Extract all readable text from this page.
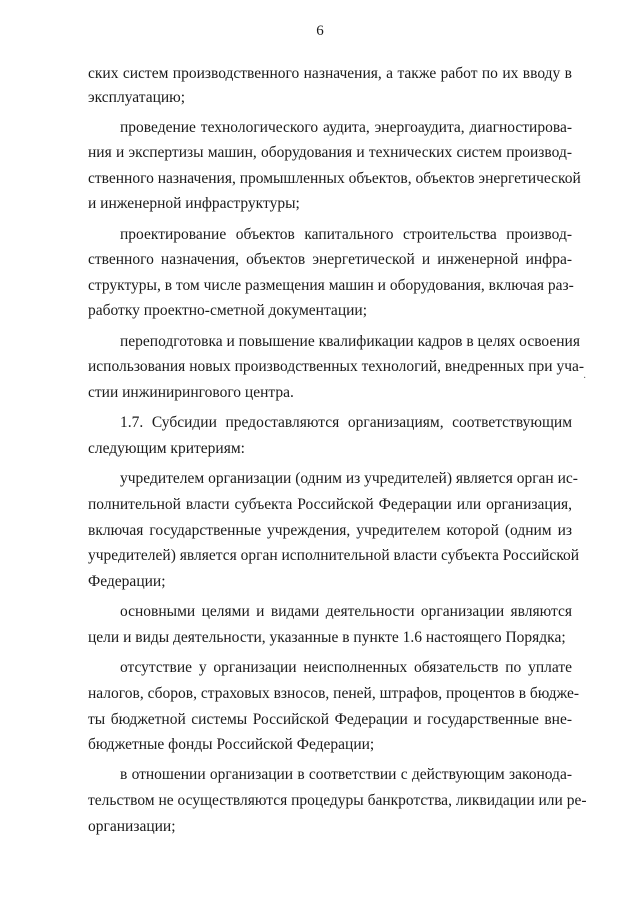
6
ских систем производственного назначения, а также работ по их вводу в
эксплуатацию;
проведение технологического аудита, энергоаудита, диагностирова-
ния и экспертизы машин, оборудования и технических систем производ-
ственного назначения, промышленных объектов, объектов энергетической
и инженерной инфраструктуры;
проектирование объектов капитального строительства производ-
ственного назначения, объектов энергетической и инженерной инфра-
структуры, в том числе размещения машин и оборудования, включая раз-
работку проектно-сметной документации;
переподготовка и повышение квалификации кадров в целях освоения
использования новых производственных технологий, внедренных при уча-
стии инжинирингового центра.
1.7. Субсидии предоставляются организациям, соответствующим
следующим критериям:
учредителем организации (одним из учредителей) является орган ис-
полнительной власти субъекта Российской Федерации или организация,
включая государственные учреждения, учредителем которой (одним из
учредителей) является орган исполнительной власти субъекта Российской
Федерации;
основными целями и видами деятельности организации являются
цели и виды деятельности, указанные в пункте 1.6 настоящего Порядка;
отсутствие у организации неисполненных обязательств по уплате
налогов, сборов, страховых взносов, пеней, штрафов, процентов в бюдже-
ты бюджетной системы Российской Федерации и государственные вне-
бюджетные фонды Российской Федерации;
в отношении организации в соответствии с действующим законода-
тельством не осуществляются процедуры банкротства, ликвидации или ре-
организации;
·
